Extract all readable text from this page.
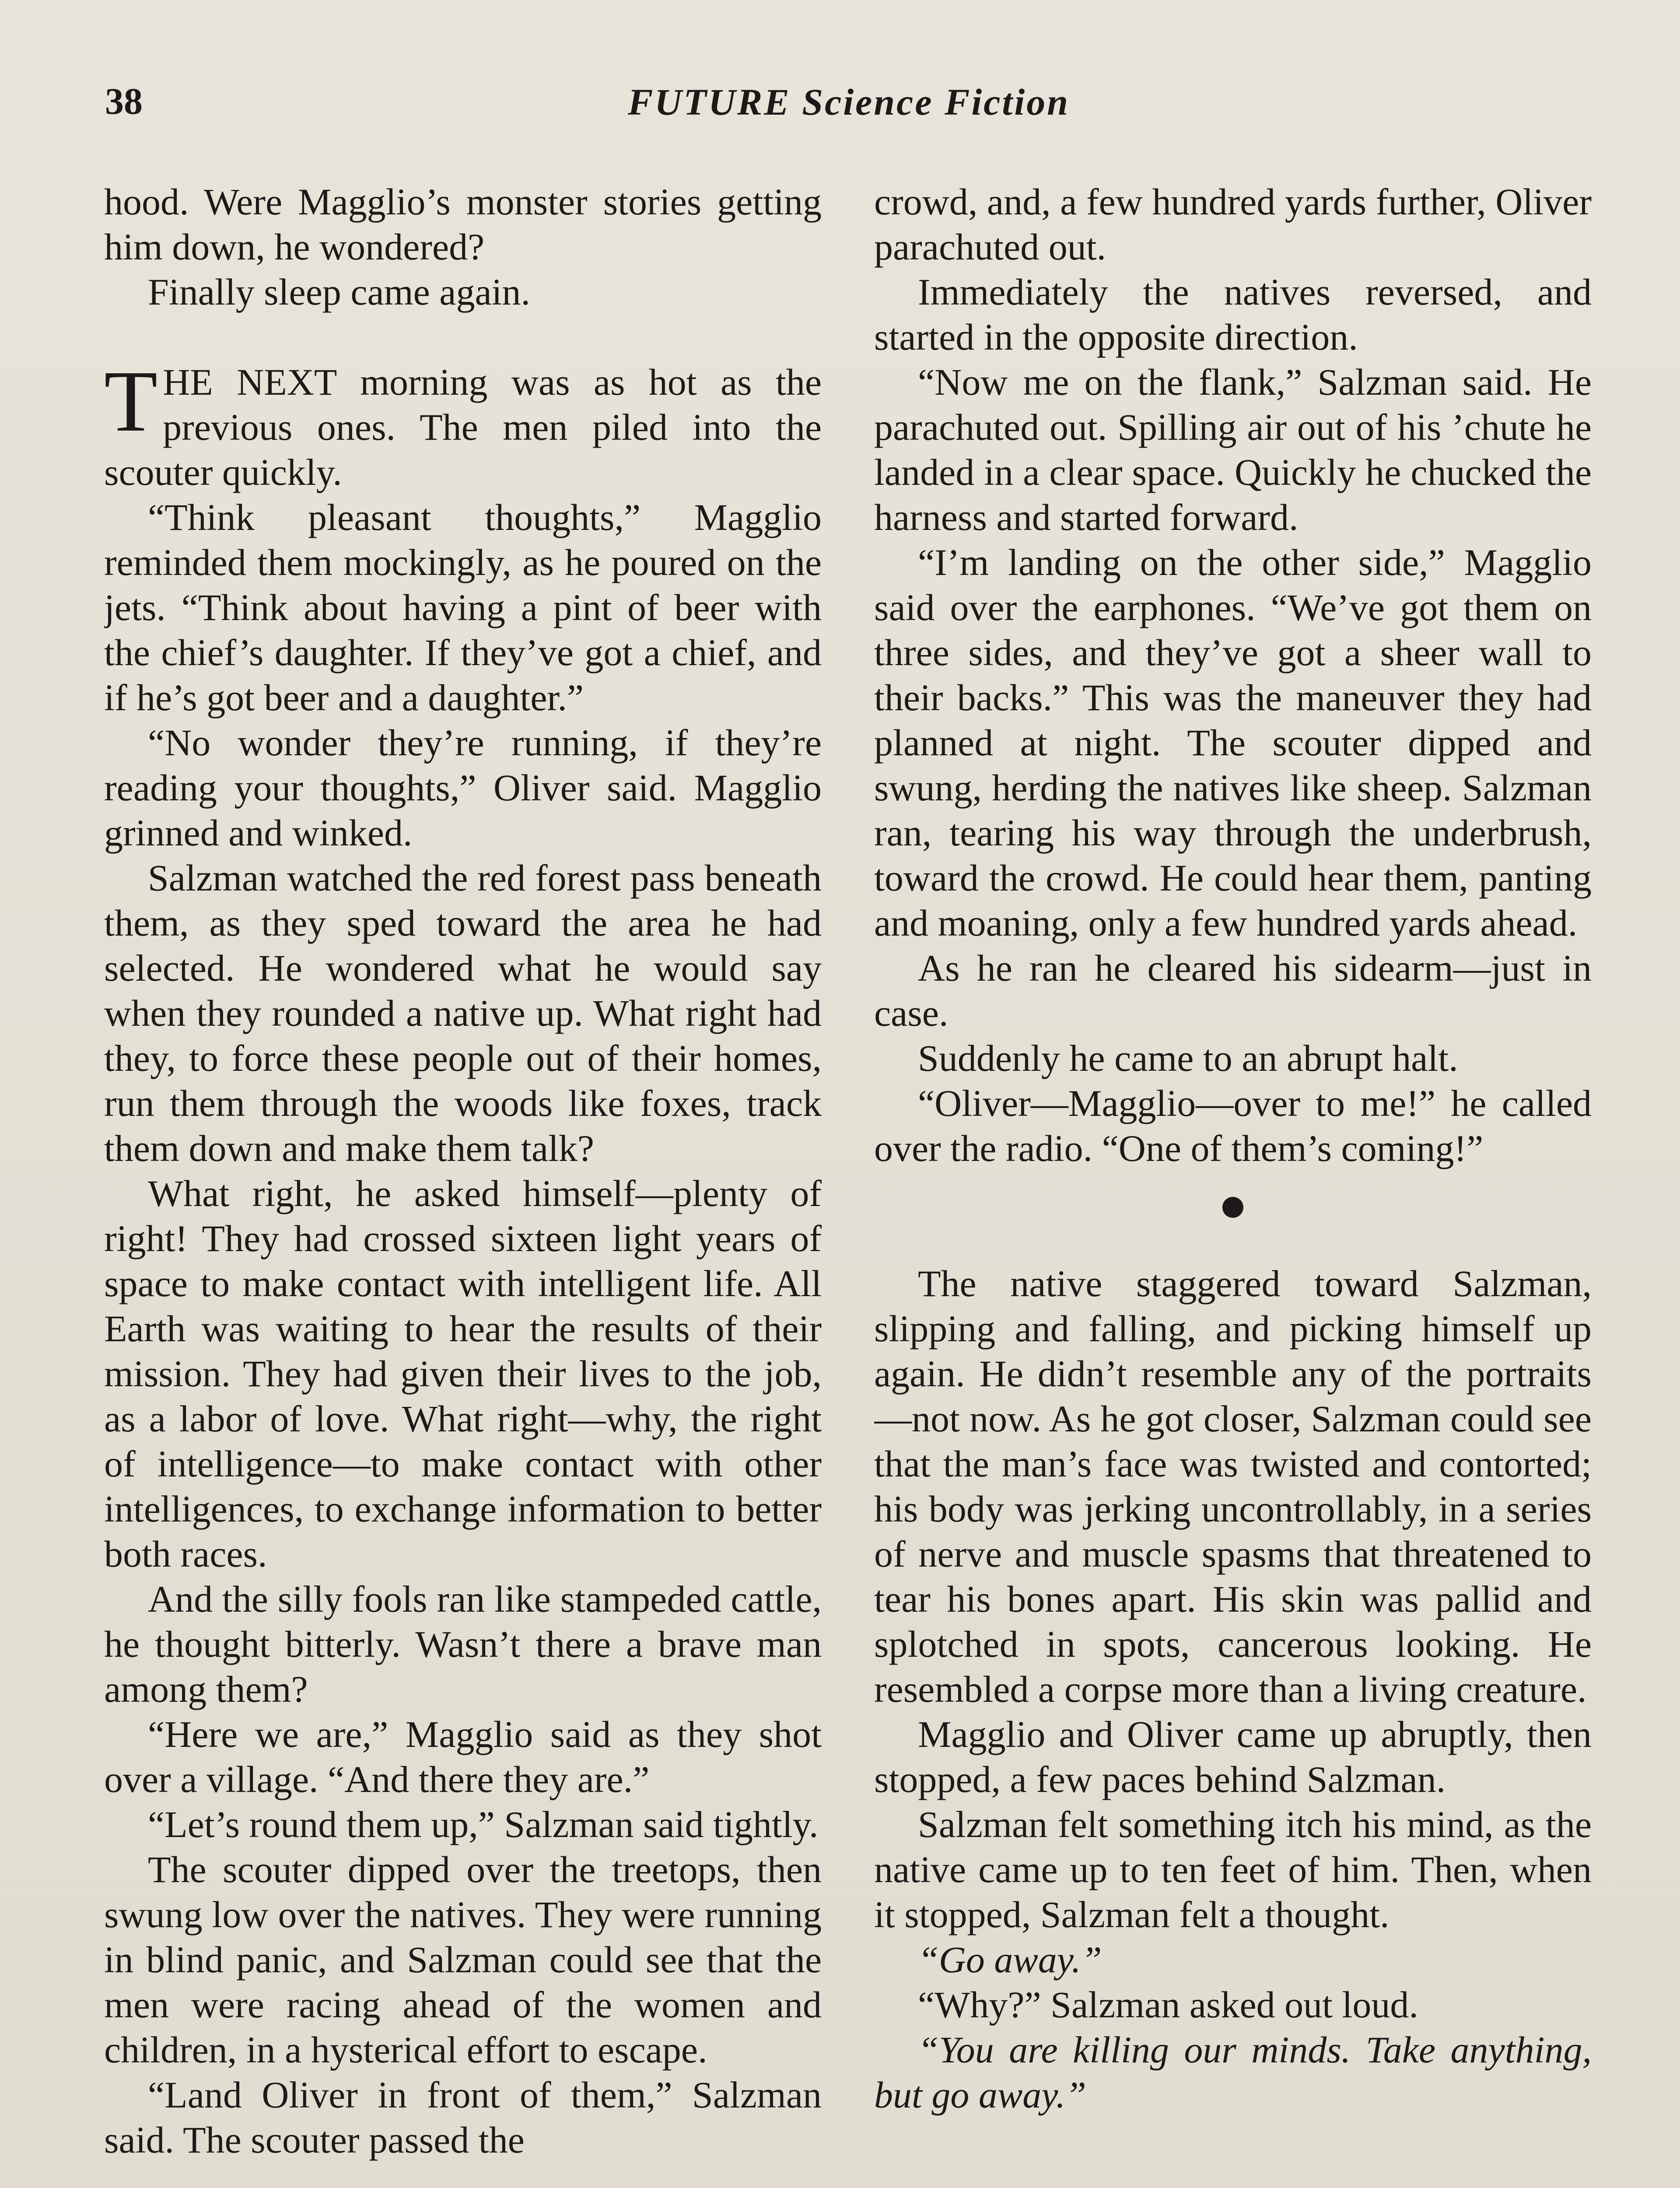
38	FUTURE Science Fiction

hood. Were Magglio’s monster stories getting him down, he wondered?

Finally sleep came again.

THE NEXT morning was as hot as the previous ones. The men piled into the scouter quickly.

“Think pleasant thoughts,” Magglio reminded them mockingly, as he poured on the jets. “Think about having a pint of beer with the chief’s daughter. If they’ve got a chief, and if he’s got beer and a daughter.”

“No wonder they’re running, if they’re reading your thoughts,” Oliver said. Magglio grinned and winked.

Salzman watched the red forest pass beneath them, as they sped toward the area he had selected. He wondered what he would say when they rounded a native up. What right had they, to force these people out of their homes, run them through the woods like foxes, track them down and make them talk?

What right, he asked himself—plenty of right! They had crossed sixteen light years of space to make contact with intelligent life. All Earth was waiting to hear the results of their mission. They had given their lives to the job, as a labor of love. What right—why, the right of intelligence—to make contact with other intelligences, to exchange information to better both races.

And the silly fools ran like stampeded cattle, he thought bitterly. Wasn’t there a brave man among them?

“Here we are,” Magglio said as they shot over a village. “And there they are.”

“Let’s round them up,” Salzman said tightly.

The scouter dipped over the treetops, then swung low over the natives. They were running in blind panic, and Salzman could see that the men were racing ahead of the women and children, in a hysterical effort to escape.

“Land Oliver in front of them,” Salzman said. The scouter passed the

crowd, and, a few hundred yards further, Oliver parachuted out.

Immediately the natives reversed, and started in the opposite direction.

“Now me on the flank,” Salzman said. He parachuted out. Spilling air out of his ’chute he landed in a clear space. Quickly he chucked the harness and started forward.

“I’m landing on the other side,” Magglio said over the earphones. “We’ve got them on three sides, and they’ve got a sheer wall to their backs.” This was the maneuver they had planned at night. The scouter dipped and swung, herding the natives like sheep. Salzman ran, tearing his way through the underbrush, toward the crowd. He could hear them, panting and moaning, only a few hundred yards ahead.

As he ran he cleared his sidearm—just in case.

Suddenly he came to an abrupt halt.

“Oliver—Magglio—over to me!” he called over the radio. “One of them’s coming!”

The native staggered toward Salzman, slipping and falling, and picking himself up again. He didn’t resemble any of the portraits—not now. As he got closer, Salzman could see that the man’s face was twisted and contorted; his body was jerking uncontrollably, in a series of nerve and muscle spasms that threatened to tear his bones apart. His skin was pallid and splotched in spots, cancerous looking. He resembled a corpse more than a living creature.

Magglio and Oliver came up abruptly, then stopped, a few paces behind Salzman.

Salzman felt something itch his mind, as the native came up to ten feet of him. Then, when it stopped, Salzman felt a thought.

“Go away.”

“Why?” Salzman asked out loud.

“You are killing our minds. Take anything, but go away.”
